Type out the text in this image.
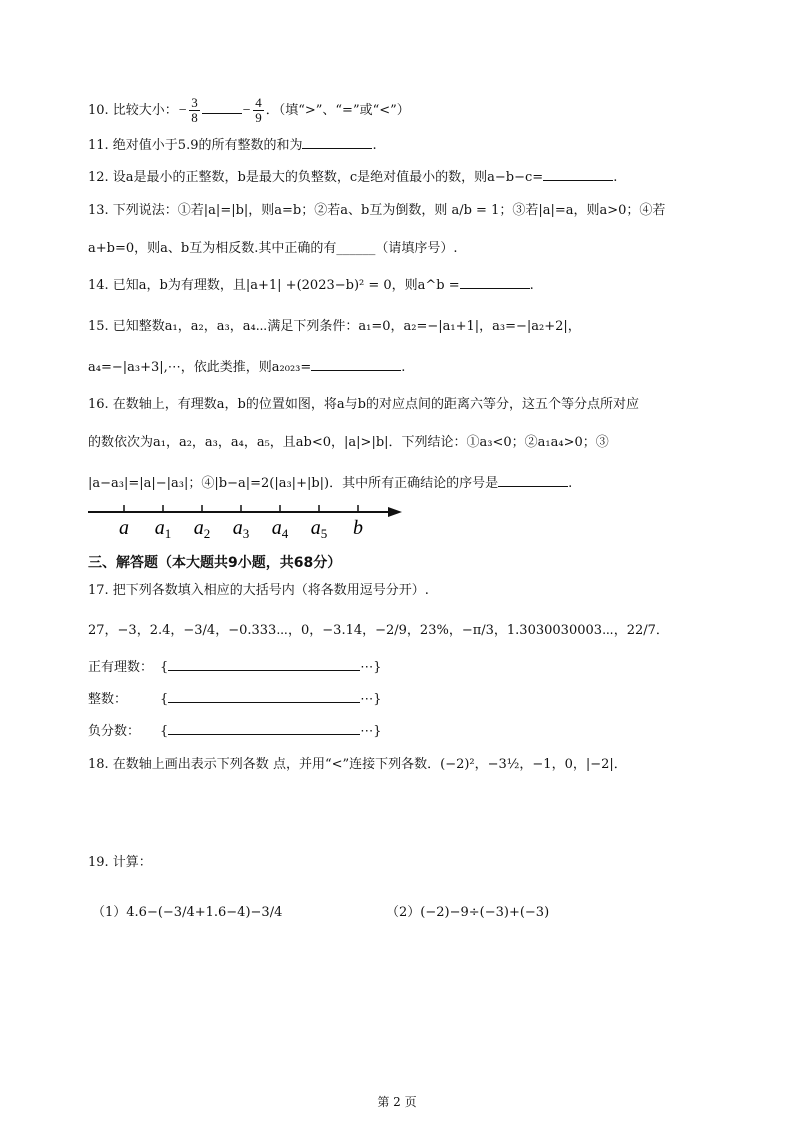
10. 比较大小：− $\frac{3}{8}$	− $\frac{4}{9}$ ．（填“>”、“=”或“<”）
11. 绝对值小于5.9的所有整数的和为	.
12. 设a是最小的正整数，b是最大的负整数，c是绝对值最小的数，则a−b−c=	.
13. 下列说法：①若|a|=|b|，则a=b；②若a、b互为倒数，则 a/b = 1；③若|a|=a，则a>0；④若
a+b=0，则a、b互为相反数.其中正确的有______（请填序号）.
14. 已知a，b为有理数，且|a+1| +(2023−b)² = 0，则a^b =	.
15. 已知整数a₁，a₂，a₃，a₄⋯满足下列条件：a₁=0，a₂=−|a₁+1|，a₃=−|a₂+2|，
a₄=−|a₃+3|,⋯，依此类推，则a₂₀₂₃=	.
16. 在数轴上，有理数a，b的位置如图，将a与b的对应点间的距离六等分，这五个等分点所对应
的数依次为a₁，a₂，a₃，a₄，a₅，且ab<0，|a|>|b|．下列结论：①a₃<0；②a₁a₄>0；③
|a−a₃|=|a|−|a₃|；④|b−a|=2(|a₃|+|b|)．其中所有正确结论的序号是	.
a $a_1$ $a_2$ $a_3$ $a_4$ $a_5$ b
三、解答题（本大题共9小题，共68分）
17. 把下列各数填入相应的大括号内（将各数用逗号分开）.
27，−3，2.4，−3/4，−0.333⋯，0，−3.14，−2/9，23%，−π/3，1.3030030003⋯，22/7．
正有理数： {	⋯}
整数：	{	⋯}
负分数： {	⋯}
18. 在数轴上画出表示下列各数 点，并用“<”连接下列各数．(−2)²，−3½，−1，0，|−2|．
19. 计算：
（1）4.6−(−3/4+1.6−4)−3/4	（2）(−2)−9÷(−3)+(−3)
第 2 页
